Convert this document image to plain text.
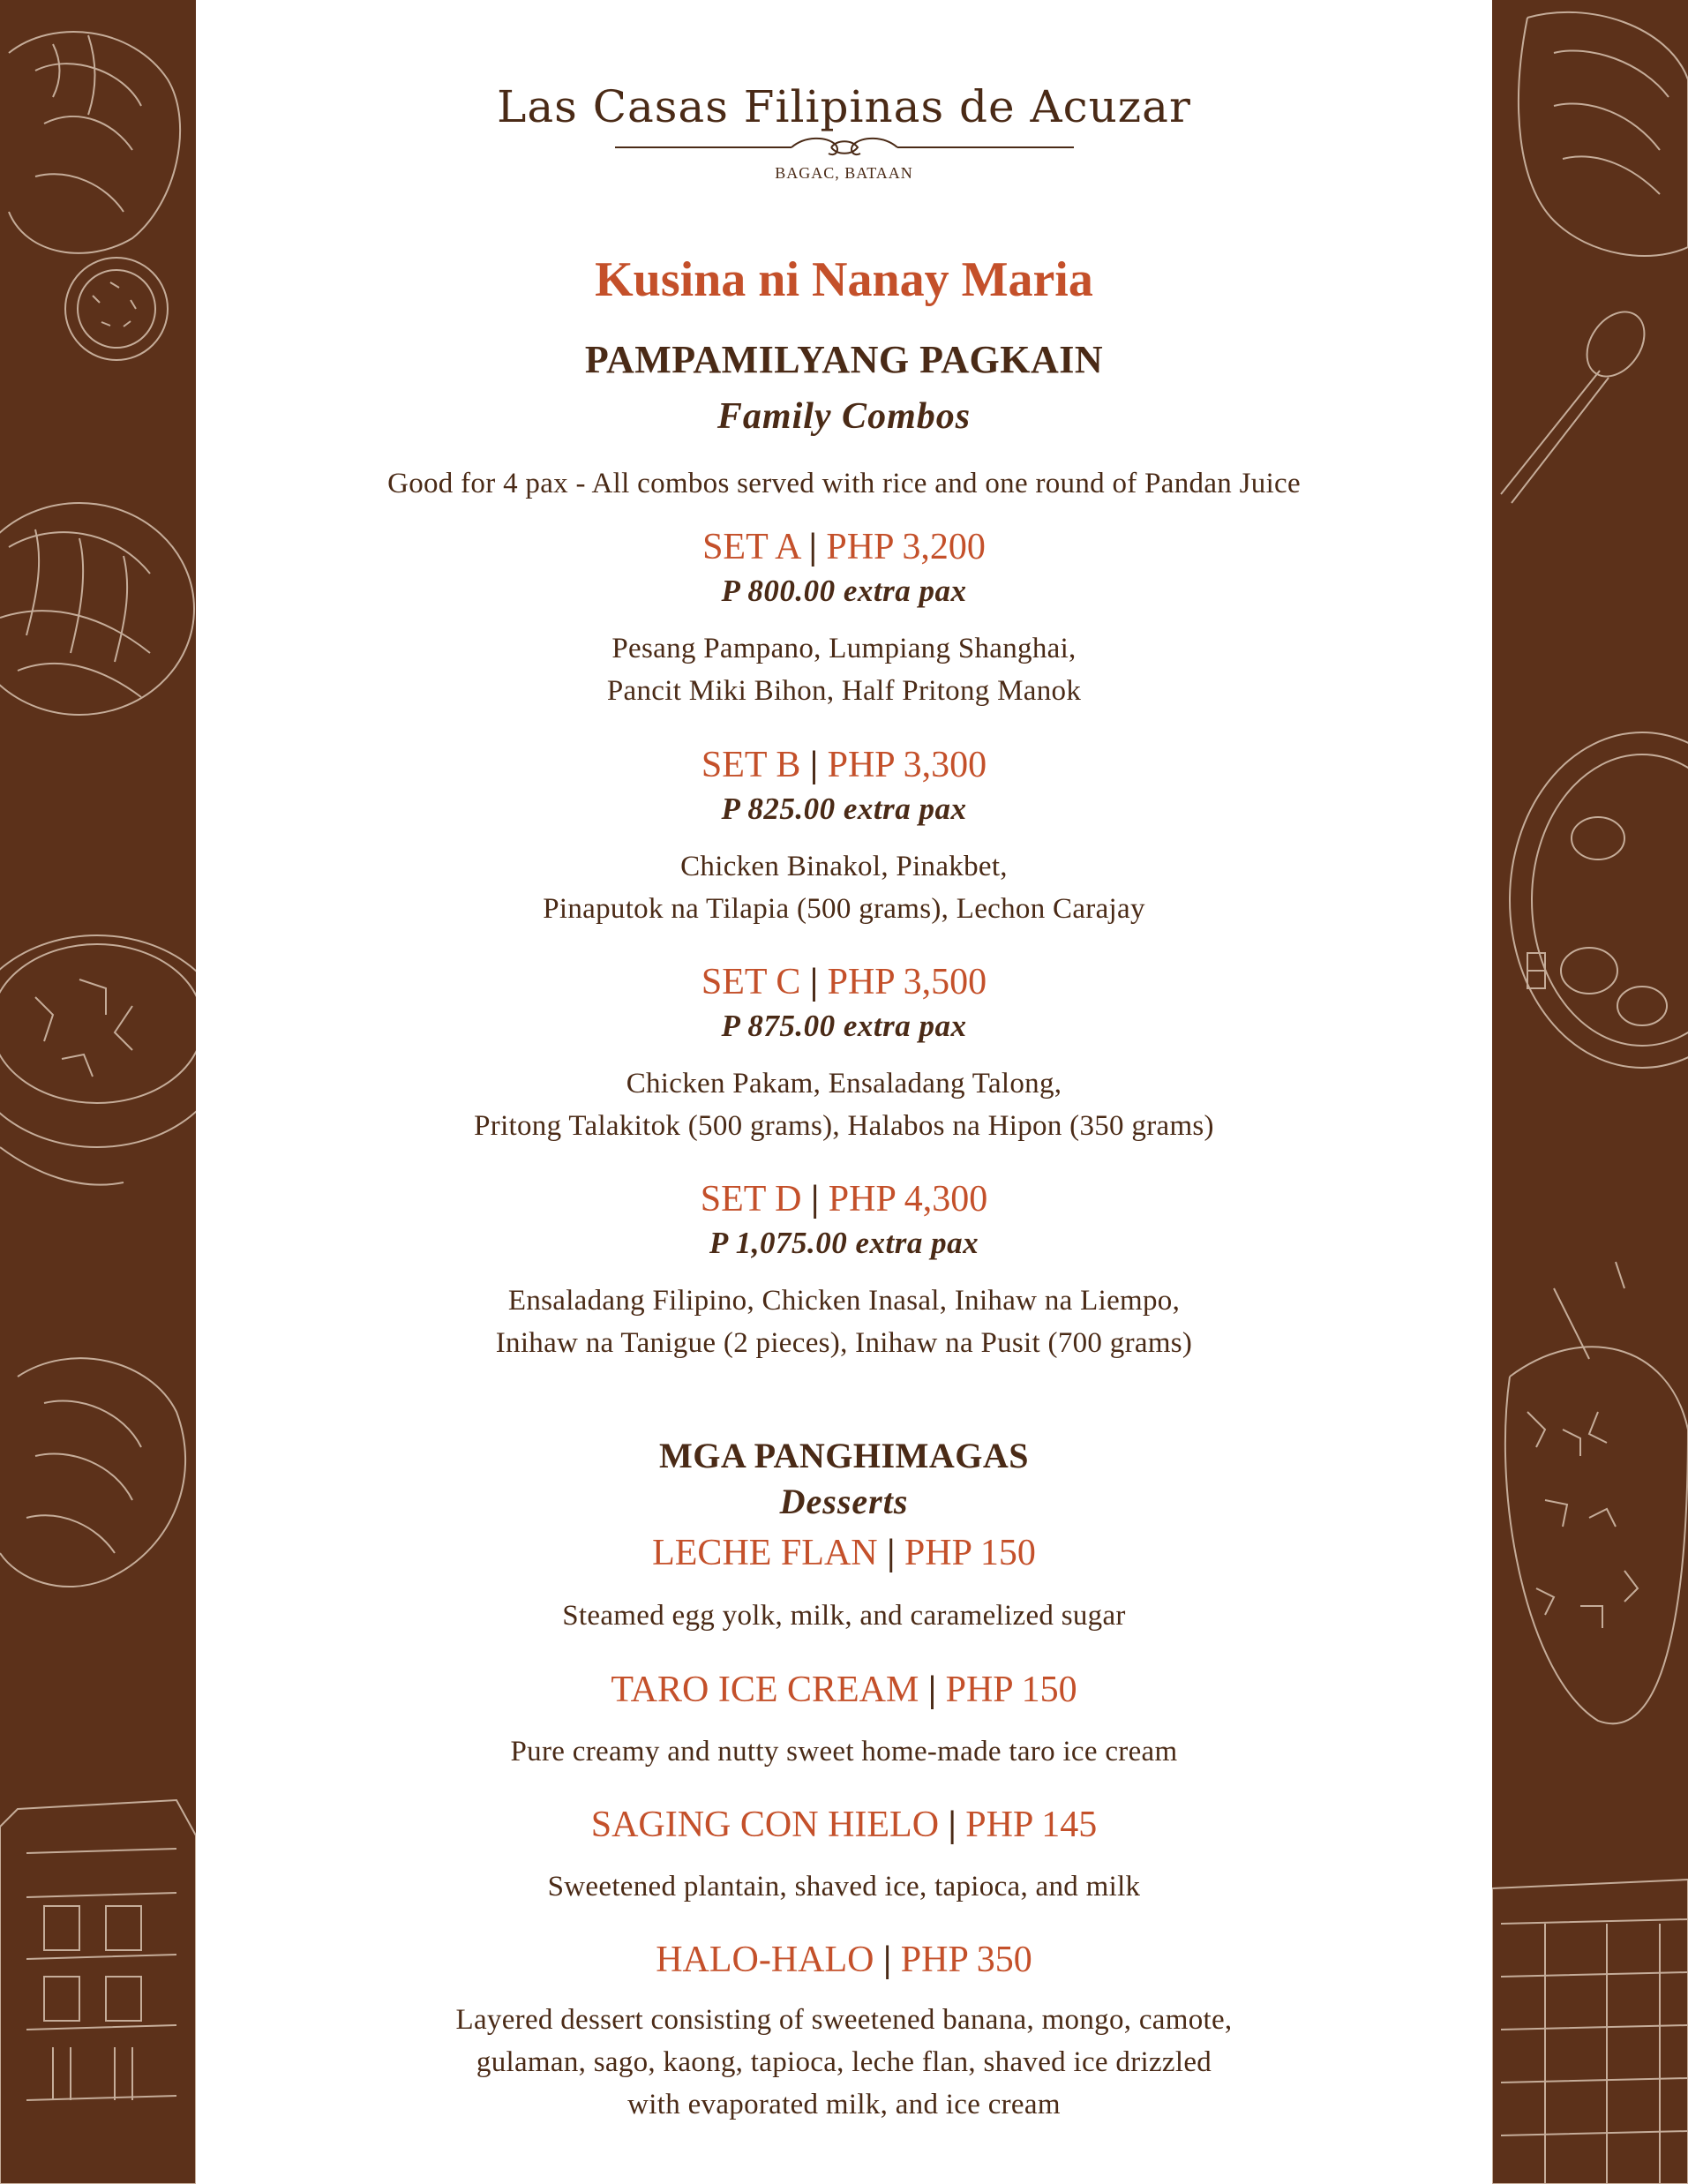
Las Casas Filipinas de Acuzar
BAGAC, BATAAN
Kusina ni Nanay Maria
PAMPAMILYANG PAGKAIN
Family Combos
Good for 4 pax - All combos served with rice and one round of Pandan Juice
SET A | PHP 3,200
P 800.00 extra pax
Pesang Pampano, Lumpiang Shanghai,
Pancit Miki Bihon, Half Pritong Manok
SET B | PHP 3,300
P 825.00 extra pax
Chicken Binakol, Pinakbet,
Pinaputok na Tilapia (500 grams), Lechon Carajay
SET C | PHP 3,500
P 875.00 extra pax
Chicken Pakam, Ensaladang Talong,
Pritong Talakitok (500 grams), Halabos na Hipon (350 grams)
SET D | PHP 4,300
P 1,075.00 extra pax
Ensaladang Filipino, Chicken Inasal, Inihaw na Liempo,
Inihaw na Tanigue (2 pieces), Inihaw na Pusit (700 grams)
MGA PANGHIMAGAS
Desserts
LECHE FLAN | PHP 150
Steamed egg yolk, milk, and caramelized sugar
TARO ICE CREAM | PHP 150
Pure creamy and nutty sweet home-made taro ice cream
SAGING CON HIELO | PHP 145
Sweetened plantain, shaved ice, tapioca, and milk
HALO-HALO | PHP 350
Layered dessert consisting of sweetened banana, mongo, camote,
gulaman, sago, kaong, tapioca, leche flan, shaved ice drizzled
with evaporated milk, and ice cream
